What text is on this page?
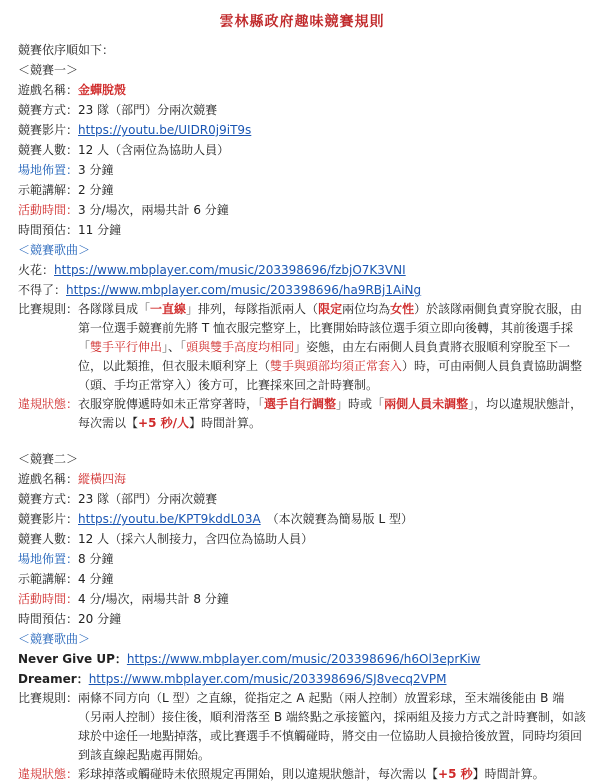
雲林縣政府趣味競賽規則
競賽依序順如下：
＜競賽一＞
遊戲名稱：金蟬脫殼
競賽方式：23 隊（部門）分兩次競賽
競賽影片：https://youtu.be/UIDR0j9iT9s
競賽人數：12 人（含兩位為協助人員）
場地佈置：3 分鐘
示範講解：2 分鐘
活動時間：3 分/場次，兩場共計 6 分鐘
時間預估：11 分鐘
＜競賽歌曲＞
火花：https://www.mbplayer.com/music/203398696/fzbjO7K3VNI
不得了：https://www.mbplayer.com/music/203398696/ha9RBj1AiNg
比賽規則： 各隊隊員成「一直線」排列，每隊指派兩人（限定兩位均為女性）於該隊兩側負責穿脫衣服，由第一位選手競賽前先將 T 恤衣服完整穿上，比賽開始時該位選手須立即向後轉，其前後選手採「雙手平行伸出」、「頭與雙手高度均相同」姿態，由左右兩側人員負責將衣服順利穿脫至下一位，以此類推，但衣服未順利穿上（雙手與頭部均須正常套入）時，可由兩側人員負責協助調整（頭、手均正常穿入）後方可，比賽採來回之計時賽制。
違規狀態： 衣服穿脫傳遞時如未正常穿著時，「選手自行調整」時或「兩側人員未調整」，均以違規狀態計，每次需以【+5 秒/人】時間計算。
＜競賽二＞
遊戲名稱：縱橫四海
競賽方式：23 隊（部門）分兩次競賽
競賽影片：https://youtu.be/KPT9kddL03A （本次競賽為簡易版 L 型）
競賽人數：12 人（採六人制接力，含四位為協助人員）
場地佈置：8 分鐘
示範講解：4 分鐘
活動時間：4 分/場次，兩場共計 8 分鐘
時間預估：20 分鐘
＜競賽歌曲＞
Never Give UP：https://www.mbplayer.com/music/203398696/h6Ol3eprKiw
Dreamer：https://www.mbplayer.com/music/203398696/SJ8vecq2VPM
比賽規則： 兩條不同方向（L 型）之直線，從指定之 A 起點（兩人控制）放置彩球，至末端後能由 B 端（另兩人控制）接住後，順利滑落至 B 端終點之承接籃內，採兩組及接力方式之計時賽制，如該球於中途任一地點掉落，或比賽選手不慎觸碰時，將交由一位協助人員撿拾後放置，同時均須回到該直線起點處再開始。
違規狀態： 彩球掉落或觸碰時未依照規定再開始，則以違規狀態計，每次需以【+5 秒】時間計算。
